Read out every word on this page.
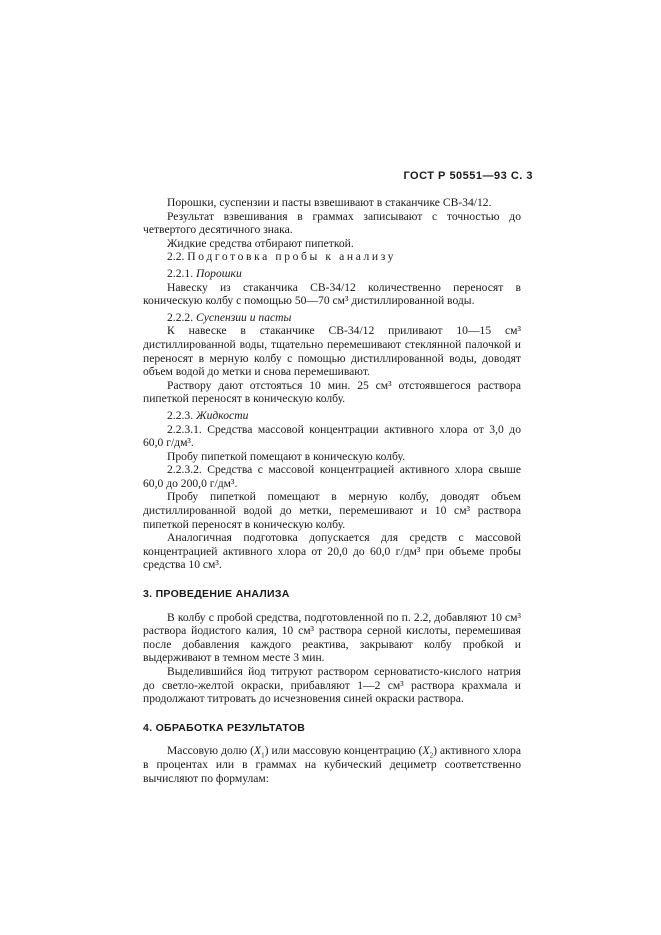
ГОСТ Р 50551—93 С. 3

Порошки, суспензии и пасты взвешивают в стаканчике СВ-34/12.

Результат взвешивания в граммах записывают с точностью до четвертого десятичного знака.

Жидкие средства отбирают пипеткой.

2.2. Подготовка пробы к анализу

2.2.1. Порошки

Навеску из стаканчика СВ-34/12 количественно переносят в коническую колбу с помощью 50—70 см³ дистиллированной воды.

2.2.2. Суспензии и пасты

К навеске в стаканчике СВ-34/12 приливают 10—15 см³ дистиллированной воды, тщательно перемешивают стеклянной палочкой и переносят в мерную колбу с помощью дистиллированной воды, доводят объем водой до метки и снова перемешивают.

Раствору дают отстояться 10 мин. 25 см³ отстоявшегося раствора пипеткой переносят в коническую колбу.

2.2.3. Жидкости

2.2.3.1. Средства массовой концентрации активного хлора от 3,0 до 60,0 г/дм³.

Пробу пипеткой помещают в коническую колбу.

2.2.3.2. Средства с массовой концентрацией активного хлора свыше 60,0 до 200,0 г/дм³.

Пробу пипеткой помещают в мерную колбу, доводят объем дистиллированной водой до метки, перемешивают и 10 см³ раствора пипеткой переносят в коническую колбу.

Аналогичная подготовка допускается для средств с массовой концентрацией активного хлора от 20,0 до 60,0 г/дм³ при объеме пробы средства 10 см³.

3. ПРОВЕДЕНИЕ АНАЛИЗА

В колбу с пробой средства, подготовленной по п. 2.2, добавляют 10 см³ раствора йодистого калия, 10 см³ раствора серной кислоты, перемешивая после добавления каждого реактива, закрывают колбу пробкой и выдерживают в темном месте 3 мин.

Выделившийся йод титруют раствором серноватисто-кислого натрия до светло-желтой окраски, прибавляют 1—2 см³ раствора крахмала и продолжают титровать до исчезновения синей окраски раствора.

4. ОБРАБОТКА РЕЗУЛЬТАТОВ

Массовую долю $(X_1)$ или массовую концентрацию $(X_2)$ активного хлора в процентах или в граммах на кубический дециметр соответственно вычисляют по формулам:
